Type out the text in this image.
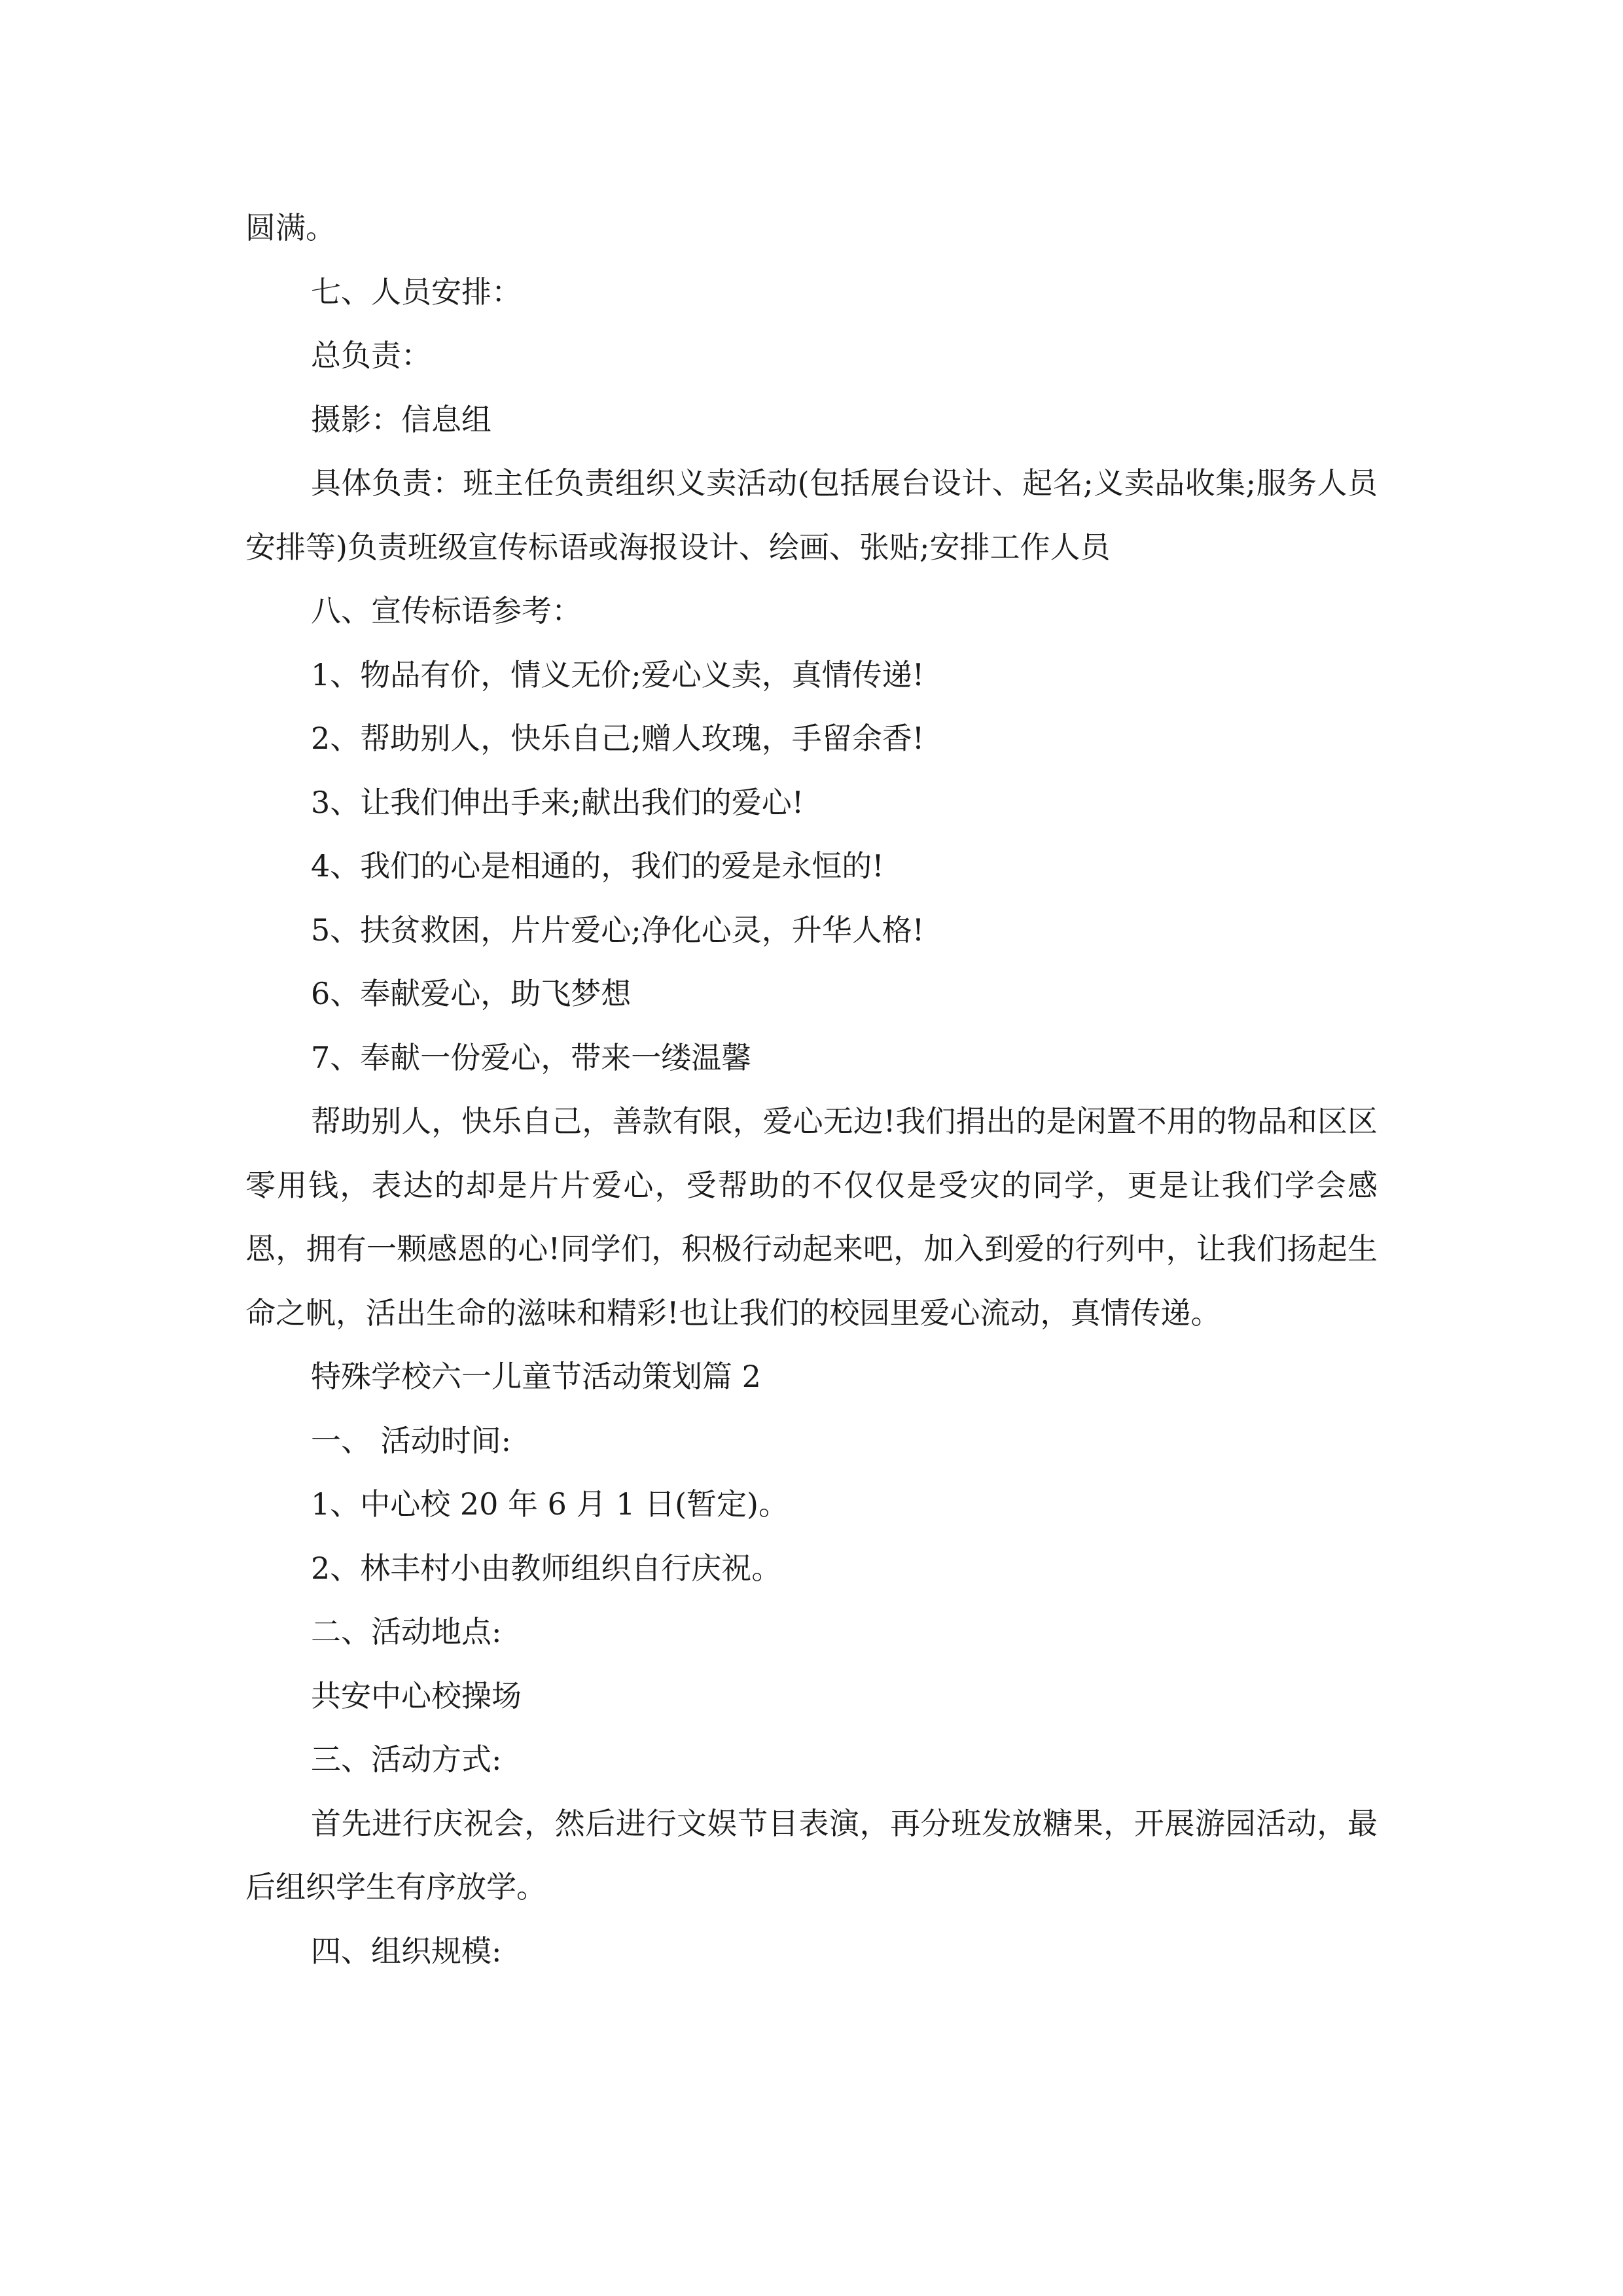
圆满。

七、人员安排：

总负责：

摄影：信息组

具体负责：班主任负责组织义卖活动(包括展台设计、起名;义卖品收集;服务人员安排等)负责班级宣传标语或海报设计、绘画、张贴;安排工作人员

八、宣传标语参考：

1、物品有价，情义无价;爱心义卖，真情传递!

2、帮助别人，快乐自己;赠人玫瑰，手留余香!

3、让我们伸出手来;献出我们的爱心!

4、我们的心是相通的，我们的爱是永恒的!

5、扶贫救困，片片爱心;净化心灵，升华人格!

6、奉献爱心，助飞梦想

7、奉献一份爱心，带来一缕温馨

帮助别人，快乐自己，善款有限，爱心无边!我们捐出的是闲置不用的物品和区区零用钱，表达的却是片片爱心，受帮助的不仅仅是受灾的同学，更是让我们学会感恩，拥有一颗感恩的心!同学们，积极行动起来吧，加入到爱的行列中，让我们扬起生命之帆，活出生命的滋味和精彩!也让我们的校园里爱心流动，真情传递。

特殊学校六一儿童节活动策划篇 2

一、 活动时间:

1、中心校 20 年 6 月 1 日(暂定)。

2、林丰村小由教师组织自行庆祝。

二、活动地点:

共安中心校操场

三、活动方式:

首先进行庆祝会，然后进行文娱节目表演，再分班发放糖果，开展游园活动，最后组织学生有序放学。

四、组织规模:
